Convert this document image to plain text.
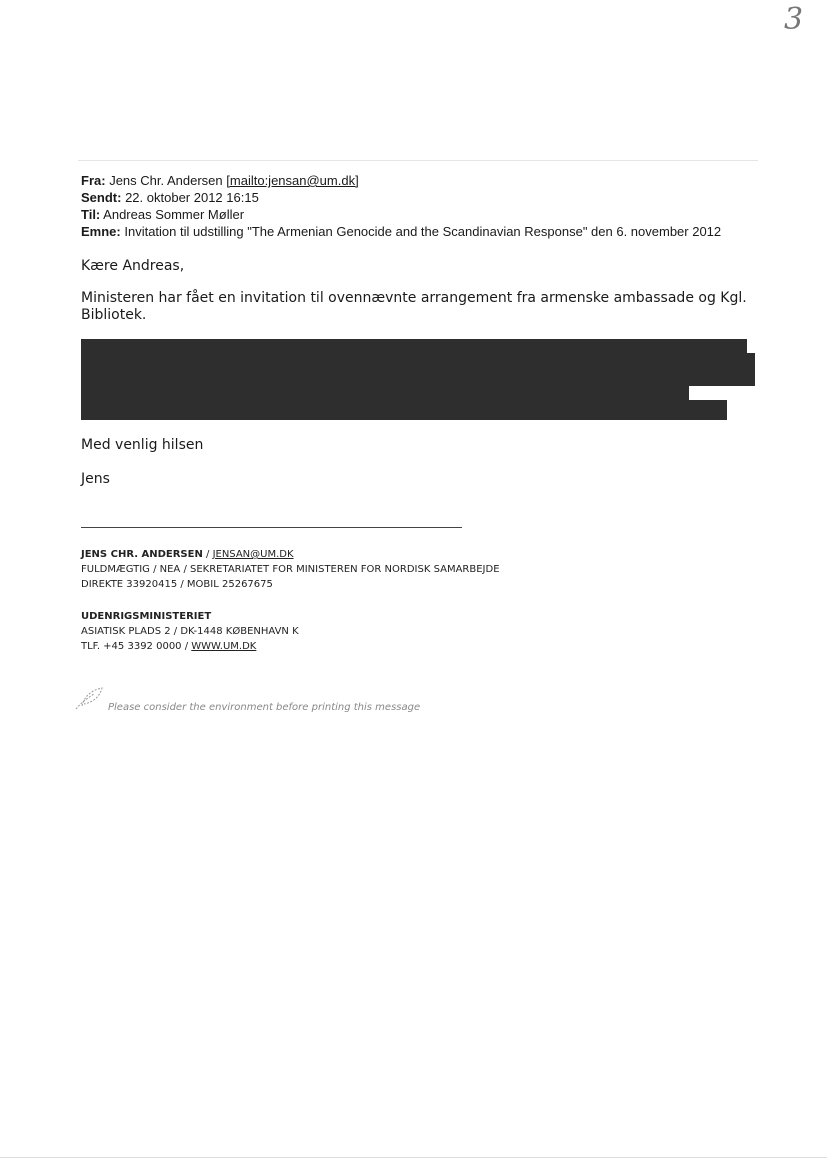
3
Fra: Jens Chr. Andersen [mailto:jensan@um.dk]
Sendt: 22. oktober 2012 16:15
Til: Andreas Sommer Møller
Emne: Invitation til udstilling "The Armenian Genocide and the Scandinavian Response" den 6. november 2012

Kære Andreas,

Ministeren har fået en invitation til ovennævnte arrangement fra armenske ambassade og Kgl. Bibliotek.

Med venlig hilsen

Jens

JENS CHR. ANDERSEN / JENSAN@UM.DK
FULDMÆGTIG / NEA / SEKRETARIATET FOR MINISTEREN FOR NORDISK SAMARBEJDE
DIREKTE 33920415 / MOBIL 25267675
UDENRIGSMINISTERIET
ASIATISK PLADS 2 / DK-1448 KØBENHAVN K
TLF. +45 3392 0000 / WWW.UM.DK
Please consider the environment before printing this message
